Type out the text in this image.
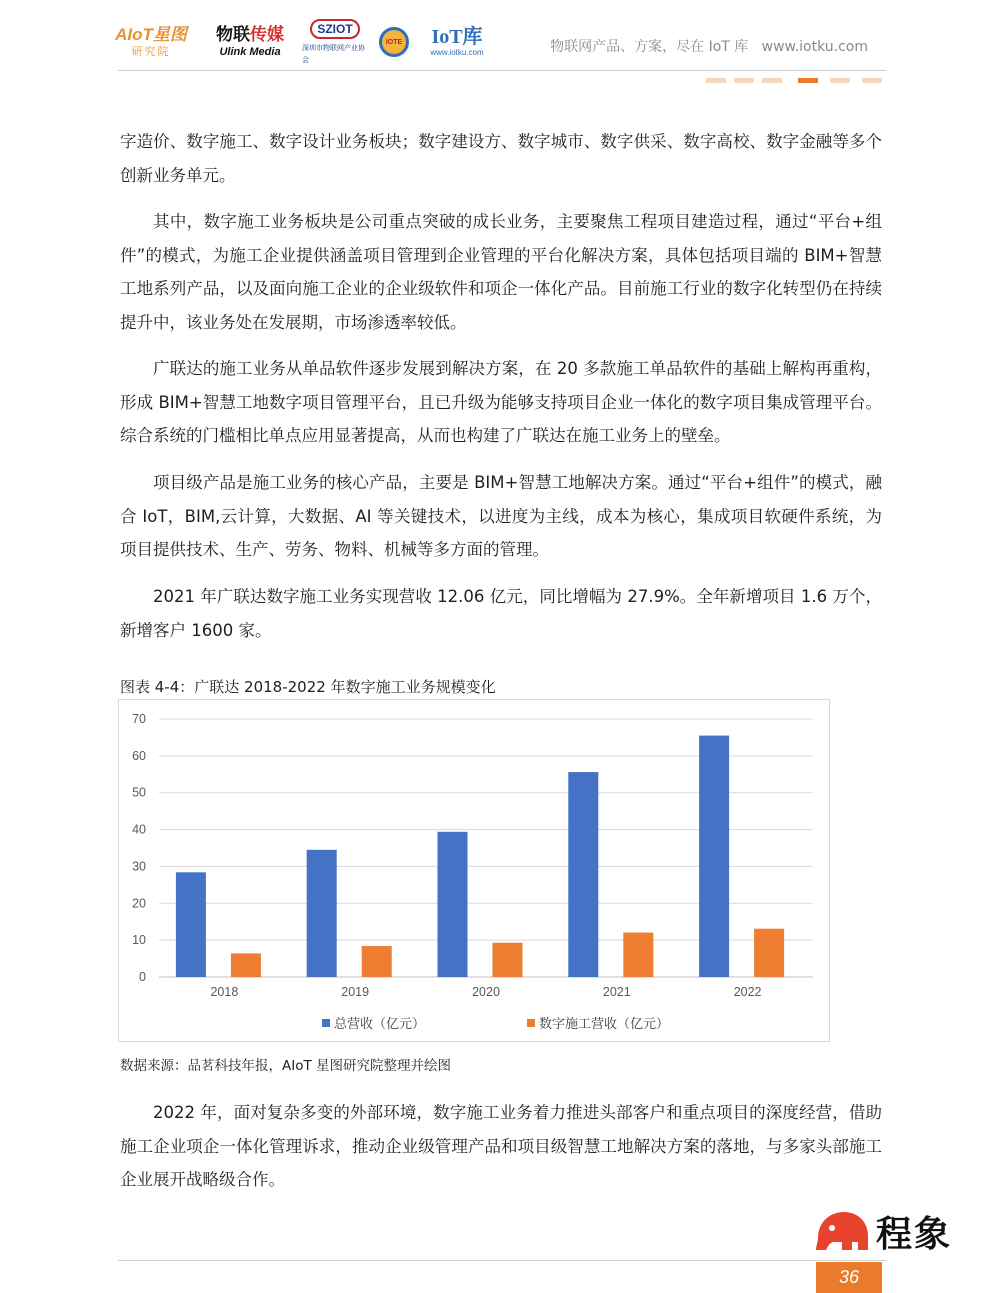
AIoT星图
研究院
物联传媒
Ulink Media
SZIOT
深圳市物联网产业协会
IOTE	IoT库
www.iotku.com	物联网产品、方案，尽在 IoT 库   www.iotku.com

字造价、数字施工、数字设计业务板块；数字建设方、数字城市、数字供采、数字高校、数字金融等多个创新业务单元。

其中，数字施工业务板块是公司重点突破的成长业务，主要聚焦工程项目建造过程，通过“平台+组件”的模式，为施工企业提供涵盖项目管理到企业管理的平台化解决方案，具体包括项目端的 BIM+智慧工地系列产品，以及面向施工企业的企业级软件和项企一体化产品。目前施工行业的数字化转型仍在持续提升中，该业务处在发展期，市场渗透率较低。

广联达的施工业务从单品软件逐步发展到解决方案，在 20 多款施工单品软件的基础上解构再重构，形成 BIM+智慧工地数字项目管理平台，且已升级为能够支持项目企业一体化的数字项目集成管理平台。综合系统的门槛相比单点应用显著提高，从而也构建了广联达在施工业务上的壁垒。

项目级产品是施工业务的核心产品，主要是 BIM+智慧工地解决方案。通过“平台+组件”的模式，融合 IoT，BIM,云计算，大数据、AI 等关键技术，以进度为主线，成本为核心，集成项目软硬件系统，为项目提供技术、生产、劳务、物料、机械等多方面的管理。

2021 年广联达数字施工业务实现营收 12.06 亿元，同比增幅为 27.9%。全年新增项目 1.6 万个，新增客户 1600 家。

图表 4-4：广联达 2018-2022 年数字施工业务规模变化
0
10
20
30
40
50
60
70
2018	2019	2020	2021	2022
总营收（亿元）	数字施工营收（亿元）
数据来源：品茗科技年报，AIoT 星图研究院整理并绘图

2022 年，面对复杂多变的外部环境，数字施工业务着力推进头部客户和重点项目的深度经营，借助施工企业项企一体化管理诉求，推动企业级管理产品和项目级智慧工地解决方案的落地，与多家头部施工企业展开战略级合作。

程象
36
